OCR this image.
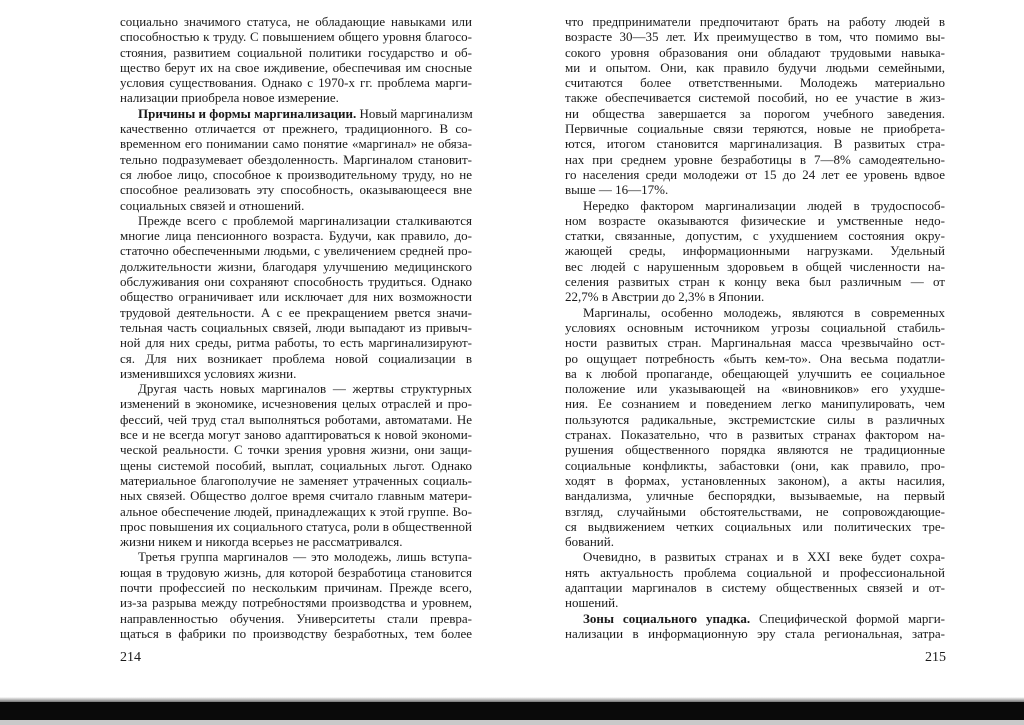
социально значимого статуса, не обладающие навыками или
способностью к труду. С повышением общего уровня благосо-
стояния, развитием социальной политики государство и об-
щество берут их на свое иждивение, обеспечивая им сносные
условия существования. Однако с 1970-х гг. проблема марги-
нализации приобрела новое измерение.
Причины и формы маргинализации. Новый маргинализм
качественно отличается от прежнего, традиционного. В со-
временном его понимании само понятие «маргинал» не обяза-
тельно подразумевает обездоленность. Маргиналом становит-
ся любое лицо, способное к производительному труду, но не
способное реализовать эту способность, оказывающееся вне
социальных связей и отношений.
Прежде всего с проблемой маргинализации сталкиваются
многие лица пенсионного возраста. Будучи, как правило, до-
статочно обеспеченными людьми, с увеличением средней про-
должительности жизни, благодаря улучшению медицинского
обслуживания они сохраняют способность трудиться. Однако
общество ограничивает или исключает для них возможности
трудовой деятельности. А с ее прекращением рвется значи-
тельная часть социальных связей, люди выпадают из привыч-
ной для них среды, ритма работы, то есть маргинализируют-
ся. Для них возникает проблема новой социализации в
изменившихся условиях жизни.
Другая часть новых маргиналов — жертвы структурных
изменений в экономике, исчезновения целых отраслей и про-
фессий, чей труд стал выполняться роботами, автоматами. Не
все и не всегда могут заново адаптироваться к новой экономи-
ческой реальности. С точки зрения уровня жизни, они защи-
щены системой пособий, выплат, социальных льгот. Однако
материальное благополучие не заменяет утраченных социаль-
ных связей. Общество долгое время считало главным матери-
альное обеспечение людей, принадлежащих к этой группе. Во-
прос повышения их социального статуса, роли в общественной
жизни никем и никогда всерьез не рассматривался.
Третья группа маргиналов — это молодежь, лишь вступа-
ющая в трудовую жизнь, для которой безработица становится
почти профессией по нескольким причинам. Прежде всего,
из-за разрыва между потребностями производства и уровнем,
направленностью обучения. Университеты стали превра-
щаться в фабрики по производству безработных, тем более
214
что предприниматели предпочитают брать на работу людей в
возрасте 30—35 лет. Их преимущество в том, что помимо вы-
сокого уровня образования они обладают трудовыми навыка-
ми и опытом. Они, как правило будучи людьми семейными,
считаются более ответственными. Молодежь материально
также обеспечивается системой пособий, но ее участие в жиз-
ни общества завершается за порогом учебного заведения.
Первичные социальные связи теряются, новые не приобрета-
ются, итогом становится маргинализация. В развитых стра-
нах при среднем уровне безработицы в 7—8% самодеятельно-
го населения среди молодежи от 15 до 24 лет ее уровень вдвое
выше — 16—17%.
Нередко фактором маргинализации людей в трудоспособ-
ном возрасте оказываются физические и умственные недо-
статки, связанные, допустим, с ухудшением состояния окру-
жающей среды, информационными нагрузками. Удельный
вес людей с нарушенным здоровьем в общей численности на-
селения развитых стран к концу века был различным — от
22,7% в Австрии до 2,3% в Японии.
Маргиналы, особенно молодежь, являются в современных
условиях основным источником угрозы социальной стабиль-
ности развитых стран. Маргинальная масса чрезвычайно ост-
ро ощущает потребность «быть кем-то». Она весьма податли-
ва к любой пропаганде, обещающей улучшить ее социальное
положение или указывающей на «виновников» его ухудше-
ния. Ее сознанием и поведением легко манипулировать, чем
пользуются радикальные, экстремистские силы в различных
странах. Показательно, что в развитых странах фактором на-
рушения общественного порядка являются не традиционные
социальные конфликты, забастовки (они, как правило, про-
ходят в формах, установленных законом), а акты насилия,
вандализма, уличные беспорядки, вызываемые, на первый
взгляд, случайными обстоятельствами, не сопровождающие-
ся выдвижением четких социальных или политических тре-
бований.
Очевидно, в развитых странах и в XXI веке будет сохра-
нять актуальность проблема социальной и профессиональной
адаптации маргиналов в систему общественных связей и от-
ношений.
Зоны социального упадка. Специфической формой марги-
нализации в информационную эру стала региональная, затра-
215
